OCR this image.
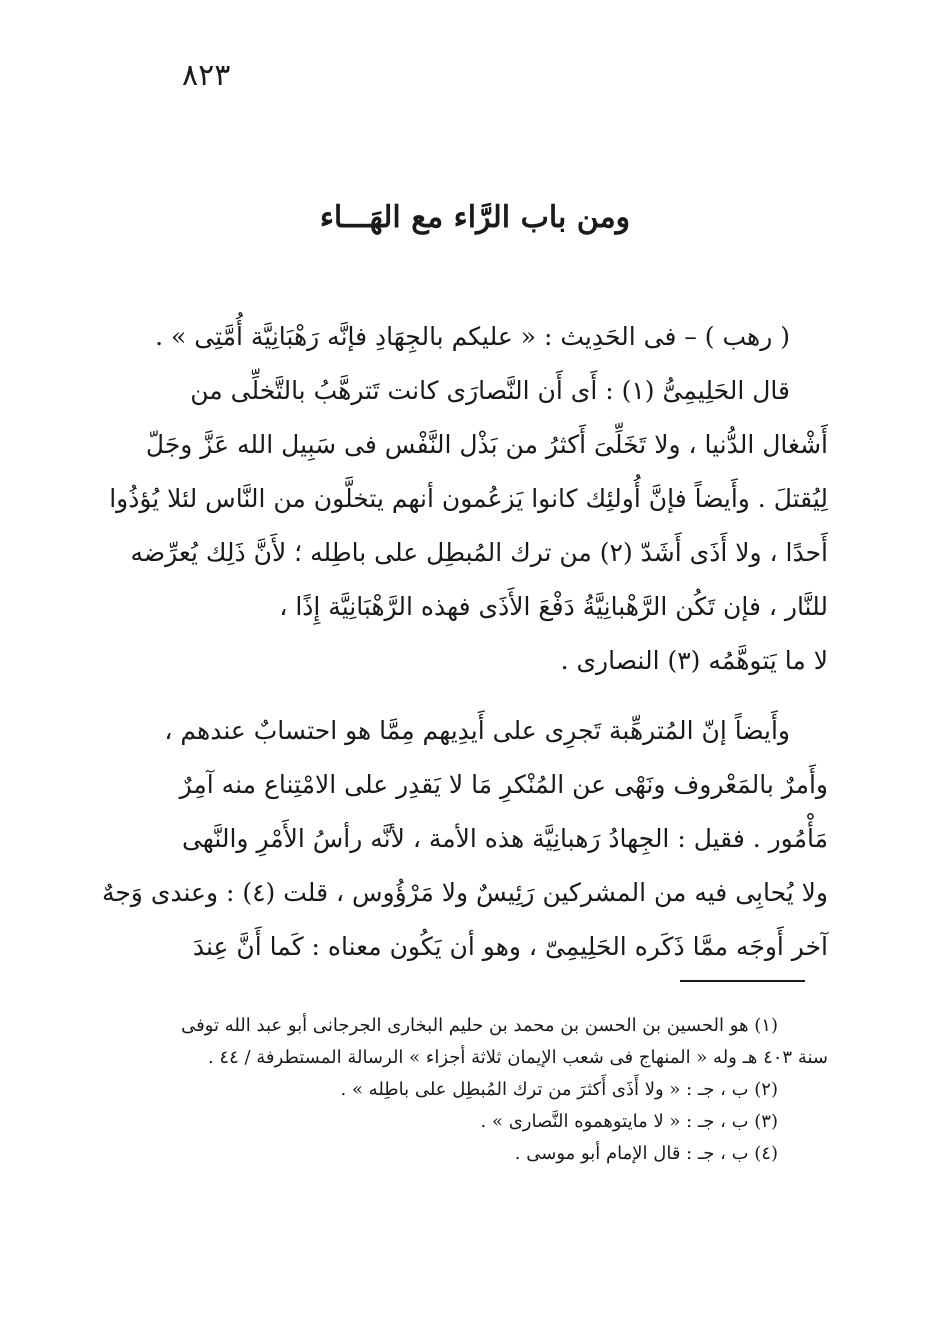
٨٢٣
ومن باب الرَّاء مع الهَـــاء
( رهب ) – فى الحَدِيث : « عليكم بالجِهَادِ فإنَّه رَهْبَانِيَّة أُمَّتِى » .
قال الحَلِيمِىُّ (١) : أَى أَن النَّصارَى كانت تَترهَّبُ بالتَّخلِّى من
أَشْغال الدُّنيا ، ولا تَخَلِّىَ أَكثرُ من بَذْل النَّفْس فى سَبِيل الله عَزَّ وجَلّ
لِيُقتلَ . وأَيضاً فإنَّ أُولئِك كانوا يَزعُمون أنهم يتخلَّون من النَّاس لئلا يُؤذُوا
أَحدًا ، ولا أَذَى أَشَدّ (٢) من ترك المُبطِل على باطِله ؛ لأَنَّ ذَلِك يُعرِّضه
للنَّار ، فإن تَكُن الرَّهْبانِيَّةُ دَفْعَ الأَذَى فهذه الرَّهْبَانِيَّة إِذًا ،
لا ما يَتوهَّمُه (٣) النصارى .
وأَيضاً إنّ المُترهِّبة تَجرِى على أَيدِيهم مِمَّا هو احتسابٌ عندهم ،
وأَمرٌ بالمَعْروف ونَهْى عن المُنْكرِ مَا لا يَقدِر على الامْتِناع منه آمِرٌ
مَأْمُور . فقيل : الجِهادُ رَهبانِيَّة هذه الأمة ، لأنَّه رأسُ الأَمْرِ والنَّهى
ولا يُحابِى فيه من المشركين رَئِيسٌ ولا مَرْؤُوس ، قلت (٤) : وعندى وَجهٌ
آخر أَوجَه ممَّا ذَكَره الحَلِيمِىّ ، وهو أن يَكُون معناه : كَما أَنَّ عِندَ
(١) هو الحسين بن الحسن بن محمد بن حليم البخارى الجرجانى أبو عبد الله توفى
سنة ٤٠٣ هـ وله « المنهاج فى شعب الإيمان ثلاثة أجزاء » الرسالة المستطرفة / ٤٤ .
(٢) ب ، جـ : « ولا أَذَى أَكثرَ من ترك المُبطِل على باطِله » .
(٣) ب ، جـ : « لا مايتوهموه النَّصارى » .
(٤) ب ، جـ : قال الإمام أبو موسى .
